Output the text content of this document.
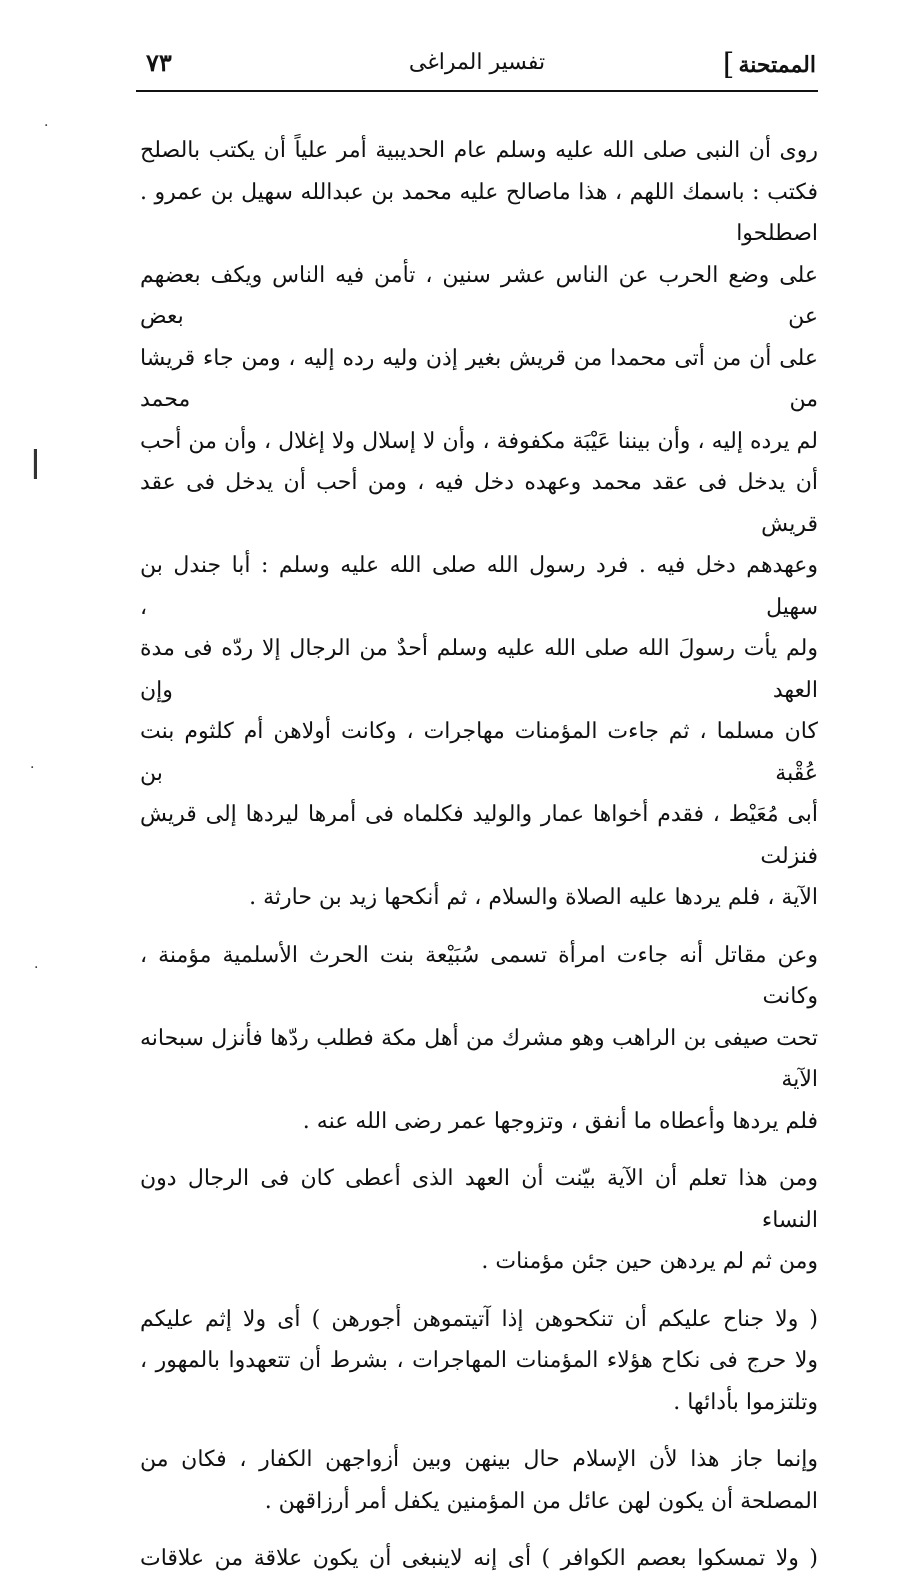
الممتحنة
]
تفسير المراغى
٧٣

روى أن النبى صلى الله عليه وسلم عام الحديبية أمر علياً أن يكتب بالصلح
فكتب : باسمك اللهم ، هذا ماصالح عليه محمد بن عبدالله سهيل بن عمرو . اصطلحوا
على وضع الحرب عن الناس عشر سنين ، تأمن فيه الناس ويكف بعضهم عن بعض
على أن من أتى محمدا من قريش بغير إذن وليه رده إليه ، ومن جاء قريشا من محمد
لم يرده إليه ، وأن بيننا عَيْبَة مكفوفة ، وأن لا إسلال ولا إغلال ، وأن من أحب
أن يدخل فى عقد محمد وعهده دخل فيه ، ومن أحب أن يدخل فى عقد قريش
وعهدهم دخل فيه . فرد رسول الله صلى الله عليه وسلم : أبا جندل بن سهيل ،
ولم يأت رسولَ الله صلى الله عليه وسلم أحدٌ من الرجال إلا ردّه فى مدة العهد وإن
كان مسلما ، ثم جاءت المؤمنات مهاجرات ، وكانت أولاهن أم كلثوم بنت عُقْبة بن
أبى مُعَيْط ، فقدم أخواها عمار والوليد فكلماه فى أمرها ليردها إلى قريش فنزلت
الآية ، فلم يردها عليه الصلاة والسلام ، ثم أنكحها زيد بن حارثة .

وعن مقاتل أنه جاءت امرأة تسمى سُبَيْعة بنت الحرث الأسلمية مؤمنة ، وكانت
تحت صيفى بن الراهب وهو مشرك من أهل مكة فطلب ردّها فأنزل سبحانه الآية
فلم يردها وأعطاه ما أنفق ، وتزوجها عمر رضى الله عنه .

ومن هذا تعلم أن الآية بيّنت أن العهد الذى أعطى كان فى الرجال دون النساء
ومن ثم لم يردهن حين جئن مؤمنات .

( ولا جناح عليكم أن تنكحوهن إذا آتيتموهن أجورهن ) أى ولا إثم عليكم
ولا حرج فى نكاح هؤلاء المؤمنات المهاجرات ، بشرط أن تتعهدوا بالمهور ،
وتلتزموا بأدائها .

وإنما جاز هذا لأن الإسلام حال بينهن وبين أزواجهن الكفار ، فكان من
المصلحة أن يكون لهن عائل من المؤمنين يكفل أمر أرزاقهن .

( ولا تمسكوا بعصم الكوافر ) أى إنه لاينبغى أن يكون علاقة من علاقات

·
|
·
·
